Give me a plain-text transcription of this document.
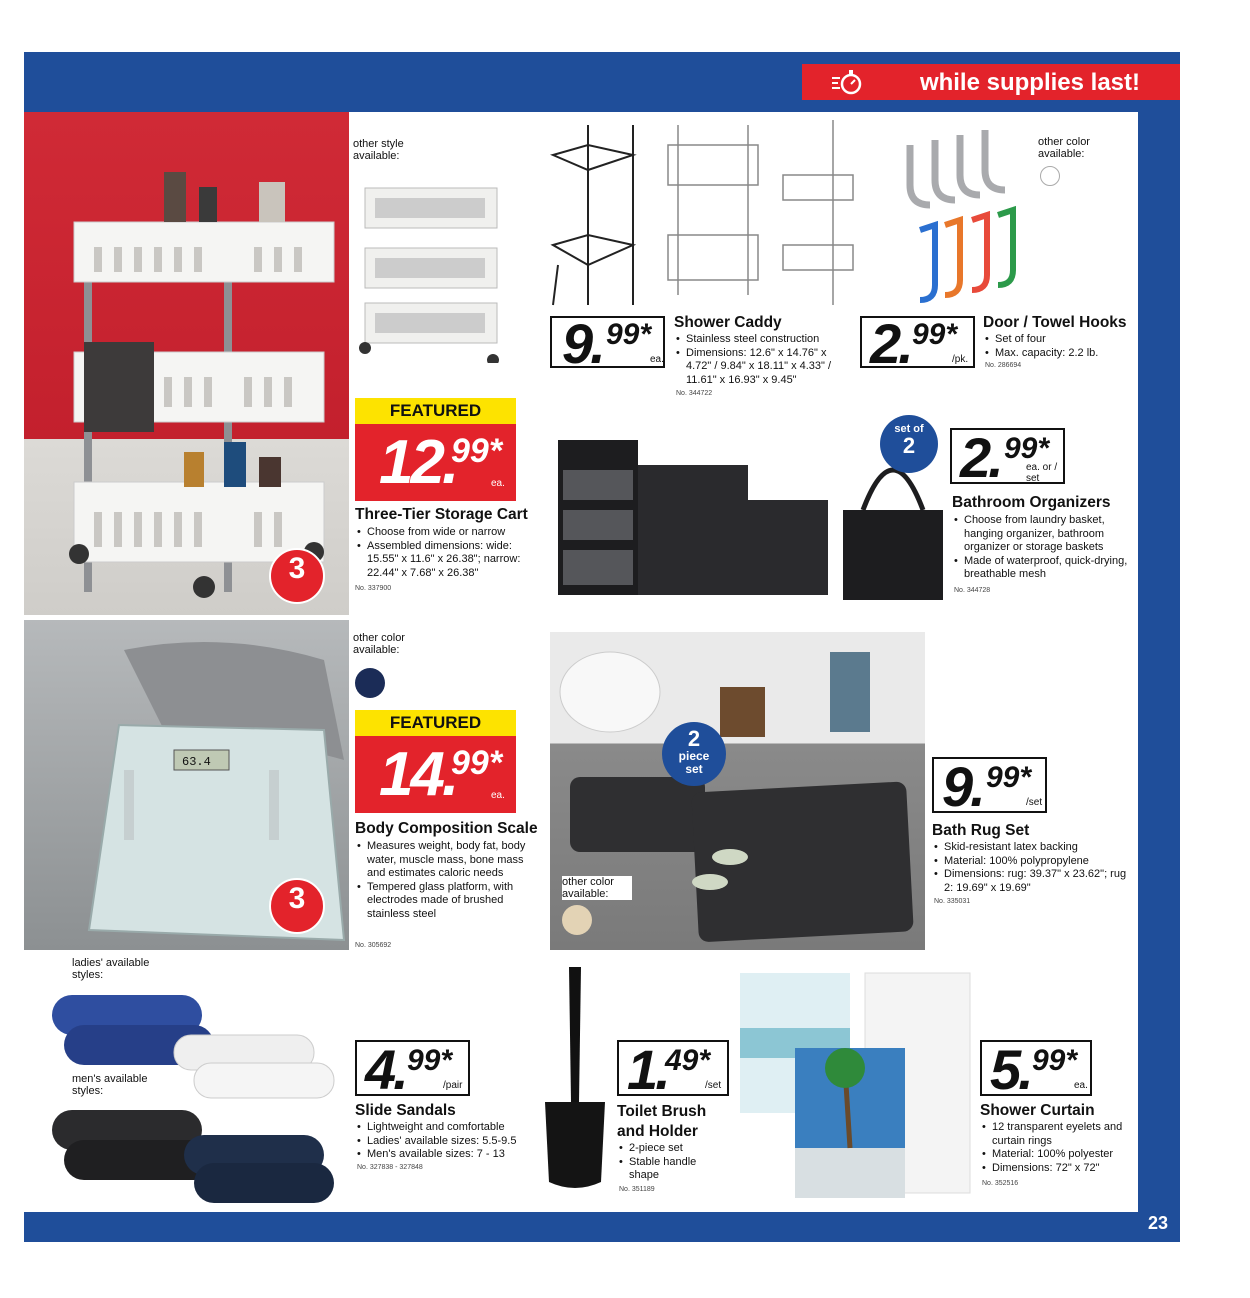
while supplies last!
3
other style available:
FEATURED
12.
99*
ea.
Three-Tier Storage Cart
• Choose from wide or narrow
• Assembled dimensions: wide: 15.55" x 11.6" x 26.38"; narrow: 22.44" x 7.68" x 26.38"
No. 337900
9. 99*
ea.
Shower Caddy
• Stainless steel construction
• Dimensions: 12.6" x 14.76" x 4.72" / 9.84" x 18.11" x 4.33" / 11.61" x 16.93" x 9.45"
No. 344722
other color available:
2. 99*
/pk.
Door / Towel Hooks
• Set of four
• Max. capacity: 2.2 lb.
No. 286694
set of
2 2. 99*
ea. or / set
Bathroom Organizers
• Choose from laundry basket, hanging organizer, bathroom organizer or storage baskets
• Made of waterproof, quick-drying, breathable mesh
No. 344728
63.4
3
other color available:
FEATURED
14.
99*
ea.
Body Composition Scale
• Measures weight, body fat, body water, muscle mass, bone mass and estimates caloric needs
• Tempered glass platform, with electrodes made of brushed stainless steel
No. 305692
2
piece set
other color available:
9. 99*
/set
Bath Rug Set
• Skid-resistant latex backing
• Material: 100% polypropylene
• Dimensions: rug: 39.37" x 23.62"; rug 2: 19.69" x 19.69"
No. 335031
ladies' available styles:
men's available styles:	4. 99*
/pair
Slide Sandals
• Lightweight and comfortable
• Ladies' available sizes: 5.5-9.5
• Men's available sizes: 7 - 13
No. 327838 - 327848
1.
49*
/set
Toilet Brush and Holder
• 2-piece set
• Stable handle shape
No. 351189
5. 99*
ea.
Shower Curtain
• 12 transparent eyelets and curtain rings
• Material: 100% polyester
• Dimensions: 72" x 72"
No. 352516
23
